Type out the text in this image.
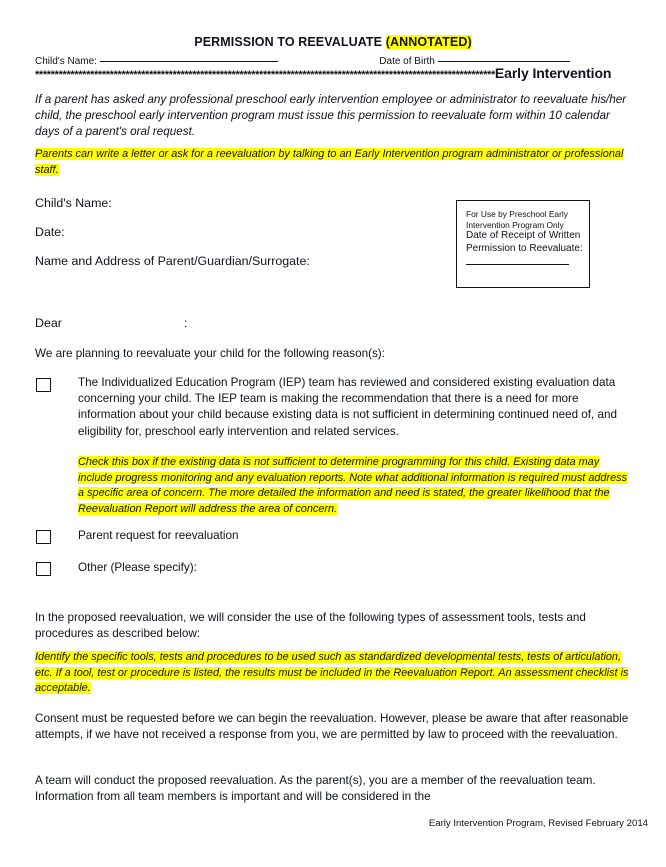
PERMISSION TO REEVALUATE (ANNOTATED)
Child's Name:	Date of Birth
*********************************************************************************************************************Early Intervention
If a parent has asked any professional preschool early intervention employee or administrator to reevaluate his/her child, the preschool early intervention program must issue this permission to reevaluate form within 10 calendar days of a parent's oral request.
Parents can write a letter or ask for a reevaluation by talking to an Early Intervention program administrator or professional staff.
Child's Name:
Date:
Name and Address of Parent/Guardian/Surrogate:
For Use by Preschool Early
Intervention Program Only
Date of Receipt of Written
Permission to Reevaluate:
Dear	:
We are planning to reevaluate your child for the following reason(s):
The Individualized Education Program (IEP) team has reviewed and considered existing evaluation data concerning your child. The IEP team is making the recommendation that there is a need for more information about your child because existing data is not sufficient in determining continued need of, and eligibility for, preschool early intervention and related services.
Check this box if the existing data is not sufficient to determine programming for this child. Existing data may include progress monitoring and any evaluation reports. Note what additional information is required must address a specific area of concern. The more detailed the information and need is stated, the greater likelihood that the Reevaluation Report will address the area of concern.
Parent request for reevaluation
Other (Please specify):
In the proposed reevaluation, we will consider the use of the following types of assessment tools, tests and procedures as described below:
Identify the specific tools, tests and procedures to be used such as standardized developmental tests, tests of articulation, etc. If a tool, test or procedure is listed, the results must be included in the Reevaluation Report. An assessment checklist is acceptable.
Consent must be requested before we can begin the reevaluation. However, please be aware that after reasonable attempts, if we have not received a response from you, we are permitted by law to proceed with the reevaluation.
A team will conduct the proposed reevaluation. As the parent(s), you are a member of the reevaluation team. Information from all team members is important and will be considered in the
Early Intervention Program, Revised February 2014
